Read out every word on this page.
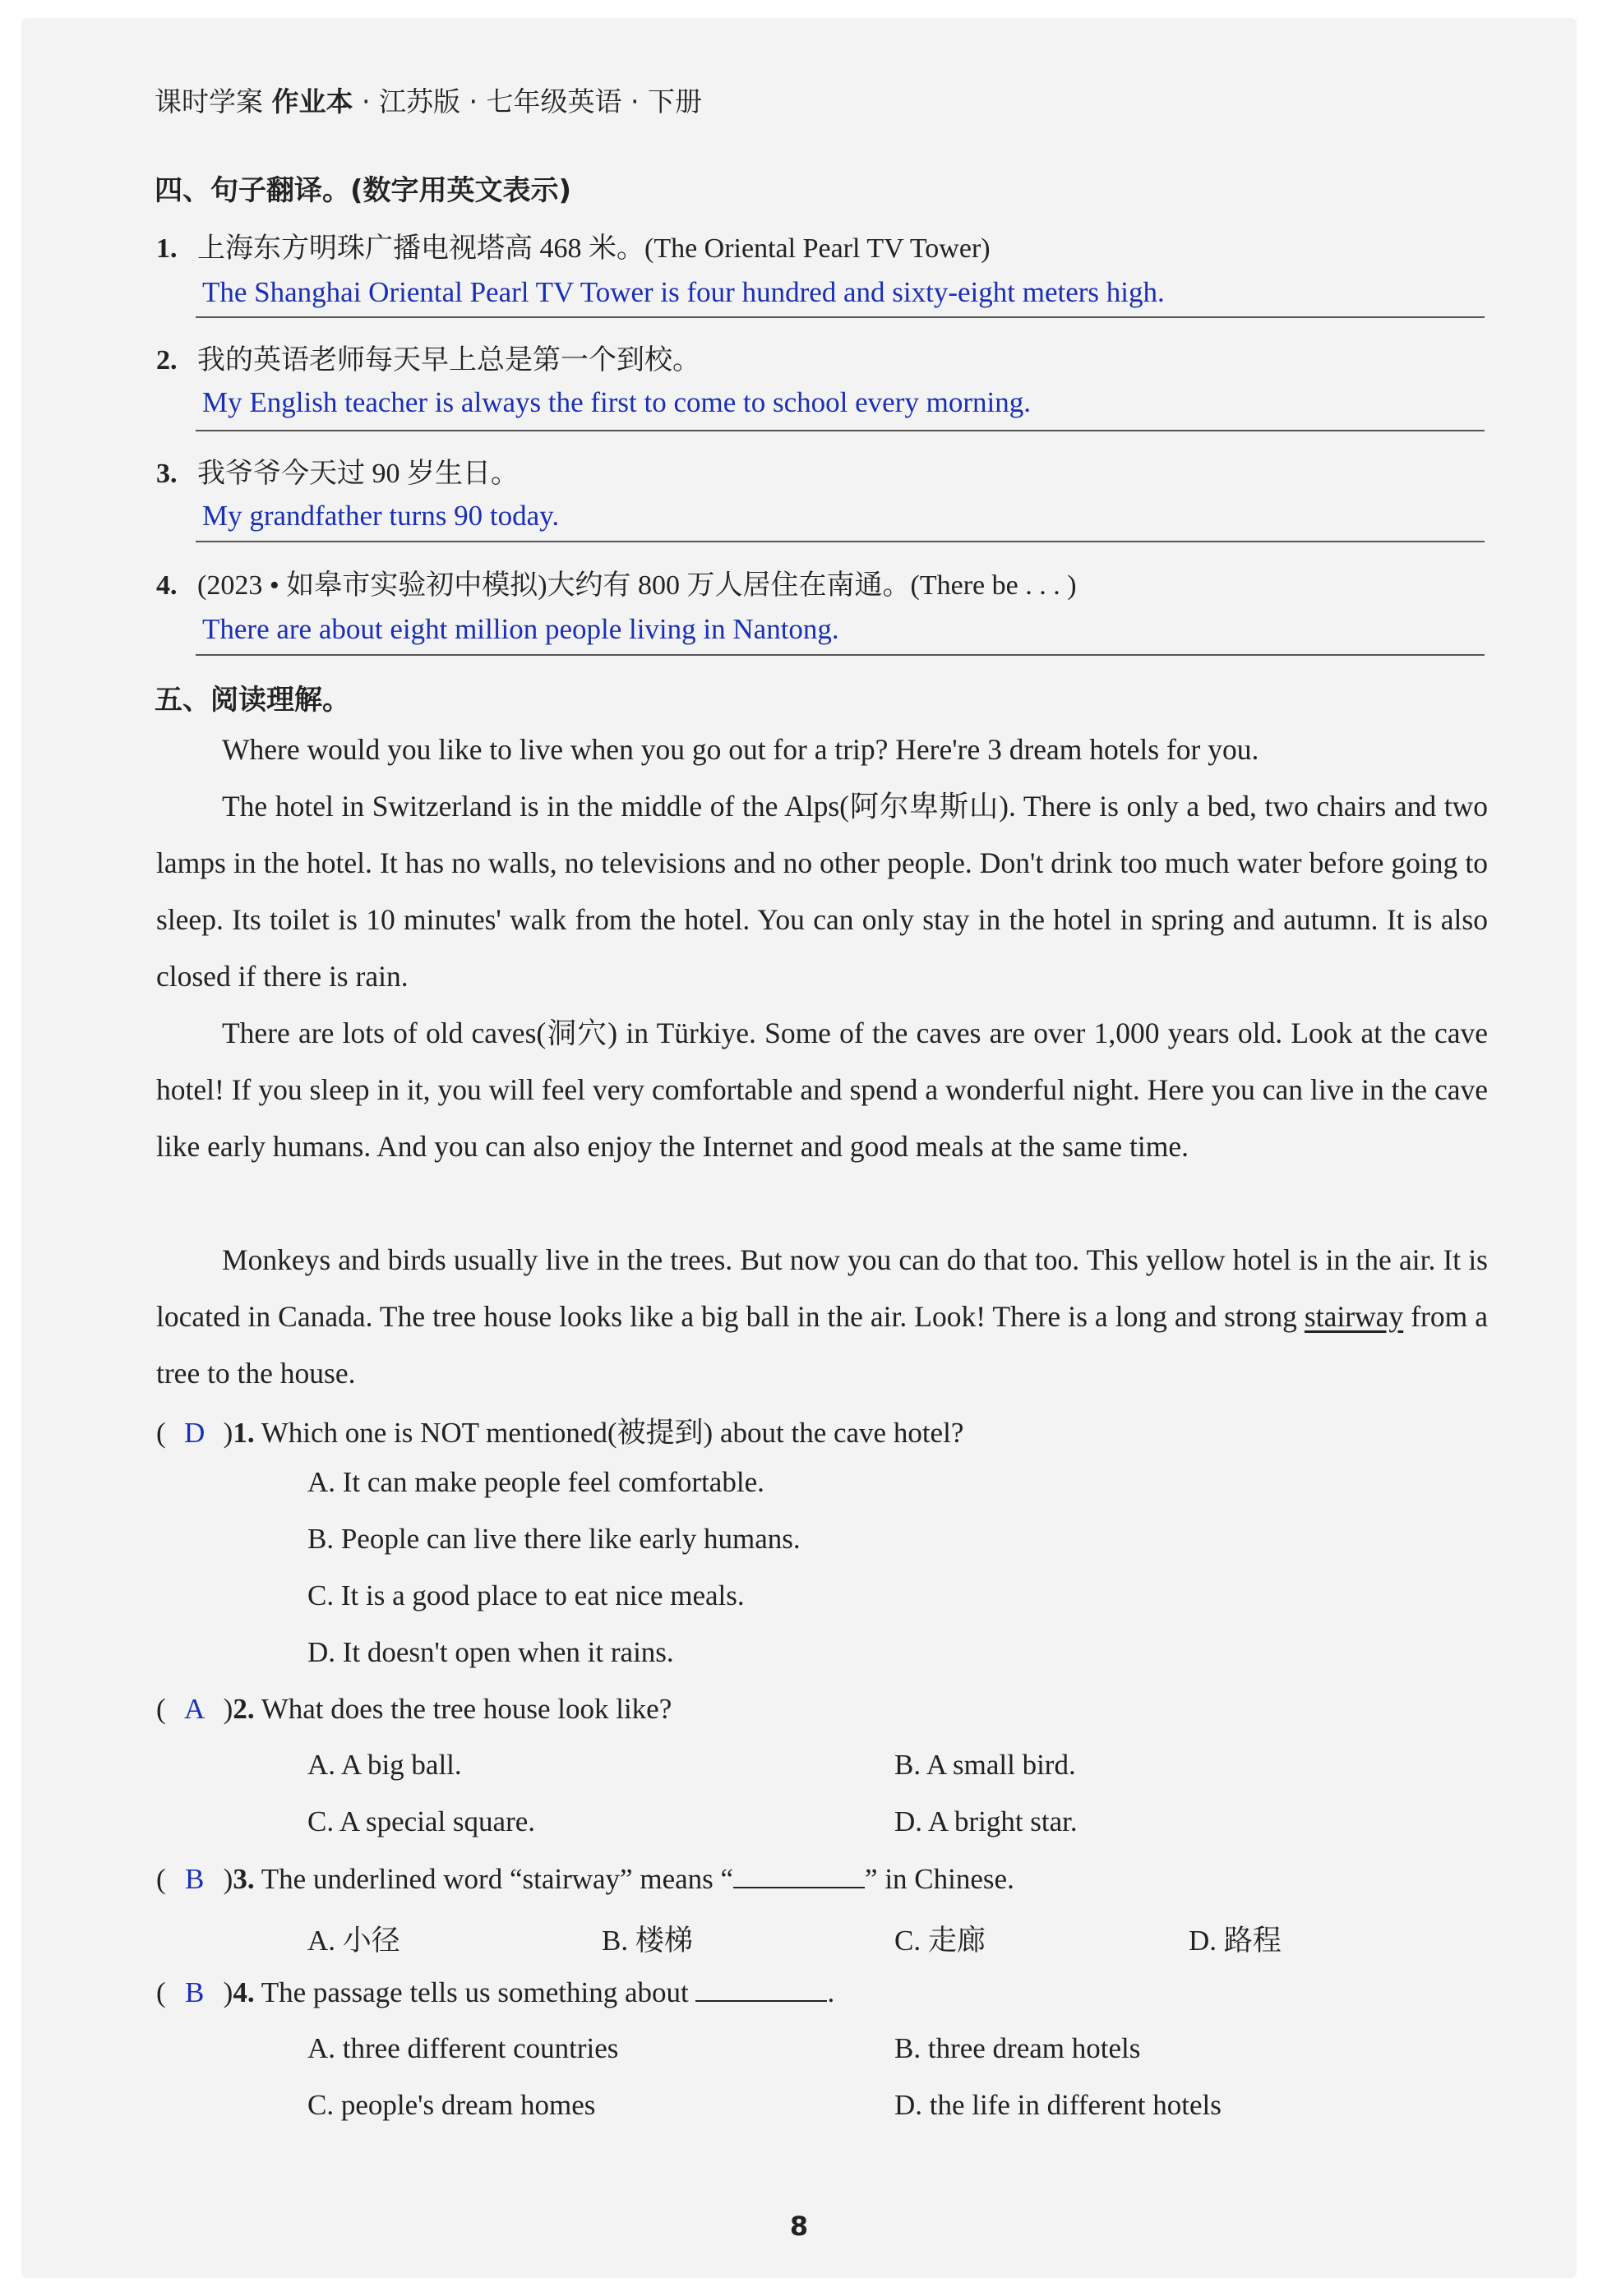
课时学案 作业本 · 江苏版 · 七年级英语 · 下册
四、句子翻译。(数字用英文表示)
1. 上海东方明珠广播电视塔高 468 米。(The Oriental Pearl TV Tower)
The Shanghai Oriental Pearl TV Tower is four hundred and sixty-eight meters high.
2. 我的英语老师每天早上总是第一个到校。
My English teacher is always the first to come to school every morning.
3. 我爷爷今天过 90 岁生日。
My grandfather turns 90 today.
4. (2023 • 如皋市实验初中模拟)大约有 800 万人居住在南通。(There be . . . )
There are about eight million people living in Nantong.
五、阅读理解。
Where would you like to live when you go out for a trip? Here're 3 dream hotels for you.
The hotel in Switzerland is in the middle of the Alps(阿尔卑斯山). There is only a bed, two chairs and two lamps in the hotel. It has no walls, no televisions and no other people. Don't drink too much water before going to sleep. Its toilet is 10 minutes' walk from the hotel. You can only stay in the hotel in spring and autumn. It is also closed if there is rain.
There are lots of old caves(洞穴) in Türkiye. Some of the caves are over 1,000 years old. Look at the cave hotel! If you sleep in it, you will feel very comfortable and spend a wonderful night. Here you can live in the cave like early humans. And you can also enjoy the Internet and good meals at the same time.
Monkeys and birds usually live in the trees. But now you can do that too. This yellow hotel is in the air. It is located in Canada. The tree house looks like a big ball in the air. Look! There is a long and strong stairway from a tree to the house.
( D )1. Which one is NOT mentioned(被提到) about the cave hotel?
A. It can make people feel comfortable.
B. People can live there like early humans.
C. It is a good place to eat nice meals.
D. It doesn't open when it rains.
( A )2. What does the tree house look like?
A. A big ball.	B. A small bird.
C. A special square.	D. A bright star.
( B )3. The underlined word “stairway” means “	” in Chinese.
A. 小径	B. 楼梯	C. 走廊	D. 路程
( B )4. The passage tells us something about	.
A. three different countries	B. three dream hotels
C. people's dream homes	D. the life in different hotels
8
